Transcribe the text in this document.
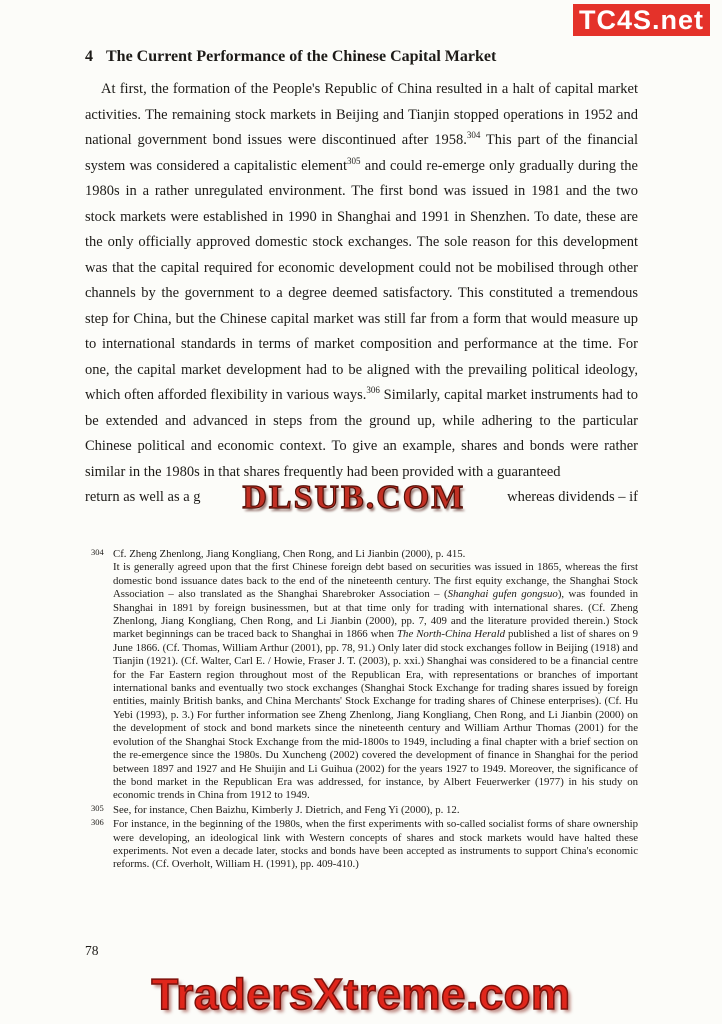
TC4S.net
4 The Current Performance of the Chinese Capital Market

At first, the formation of the People's Republic of China resulted in a halt of capital market activities. The remaining stock markets in Beijing and Tianjin stopped operations in 1952 and national government bond issues were discontinued after 1958.$^{304}$ This part of the financial system was considered a capitalistic element$^{305}$ and could re-emerge only gradually during the 1980s in a rather unregulated environment. The first bond was issued in 1981 and the two stock markets were established in 1990 in Shanghai and 1991 in Shenzhen. To date, these are the only officially approved domestic stock exchanges. The sole reason for this development was that the capital required for economic development could not be mobilised through other channels by the government to a degree deemed satisfactory. This constituted a tremendous step for China, but the Chinese capital market was still far from a form that would measure up to international standards in terms of market composition and performance at the time. For one, the capital market development had to be aligned with the prevailing political ideology, which often afforded flexibility in various ways.$^{306}$ Similarly, capital market instruments had to be extended and advanced in steps from the ground up, while adhering to the particular Chinese political and economic context. To give an example, shares and bonds were rather similar in the 1980s in that shares frequently had been provided with a guaranteed

return as well as a g DLSUB.COM	whereas dividends – if
304 Cf. Zheng Zhenlong, Jiang Kongliang, Chen Rong, and Li Jianbin (2000), p. 415.
It is generally agreed upon that the first Chinese foreign debt based on securities was issued in 1865, whereas the first domestic bond issuance dates back to the end of the nineteenth century. The first equity exchange, the Shanghai Stock Association – also translated as the Shanghai Sharebroker Association – (Shanghai gufen gongsuo), was founded in Shanghai in 1891 by foreign businessmen, but at that time only for trading with international shares. (Cf. Zheng Zhenlong, Jiang Kongliang, Chen Rong, and Li Jianbin (2000), pp. 7, 409 and the literature provided therein.) Stock market beginnings can be traced back to Shanghai in 1866 when The North-China Herald published a list of shares on 9 June 1866. (Cf. Thomas, William Arthur (2001), pp. 78, 91.) Only later did stock exchanges follow in Beijing (1918) and Tianjin (1921). (Cf. Walter, Carl E. / Howie, Fraser J. T. (2003), p. xxi.) Shanghai was considered to be a financial centre for the Far Eastern region throughout most of the Republican Era, with representations or branches of important international banks and eventually two stock exchanges (Shanghai Stock Exchange for trading shares issued by foreign entities, mainly British banks, and China Merchants' Stock Exchange for trading shares of Chinese enterprises). (Cf. Hu Yebi (1993), p. 3.) For further information see Zheng Zhenlong, Jiang Kongliang, Chen Rong, and Li Jianbin (2000) on the development of stock and bond markets since the nineteenth century and William Arthur Thomas (2001) for the evolution of the Shanghai Stock Exchange from the mid-1800s to 1949, including a final chapter with a brief section on the re-emergence since the 1980s. Du Xuncheng (2002) covered the development of finance in Shanghai for the period between 1897 and 1927 and He Shuijin and Li Guihua (2002) for the years 1927 to 1949. Moreover, the significance of the bond market in the Republican Era was addressed, for instance, by Albert Feuerwerker (1977) in his study on economic trends in China from 1912 to 1949.
305 See, for instance, Chen Baizhu, Kimberly J. Dietrich, and Feng Yi (2000), p. 12.
306 For instance, in the beginning of the 1980s, when the first experiments with so-called socialist forms of share ownership were developing, an ideological link with Western concepts of shares and stock markets would have halted these experiments. Not even a decade later, stocks and bonds have been accepted as instruments to support China's economic reforms. (Cf. Overholt, William H. (1991), pp. 409-410.)
78
TradersXtreme.com
